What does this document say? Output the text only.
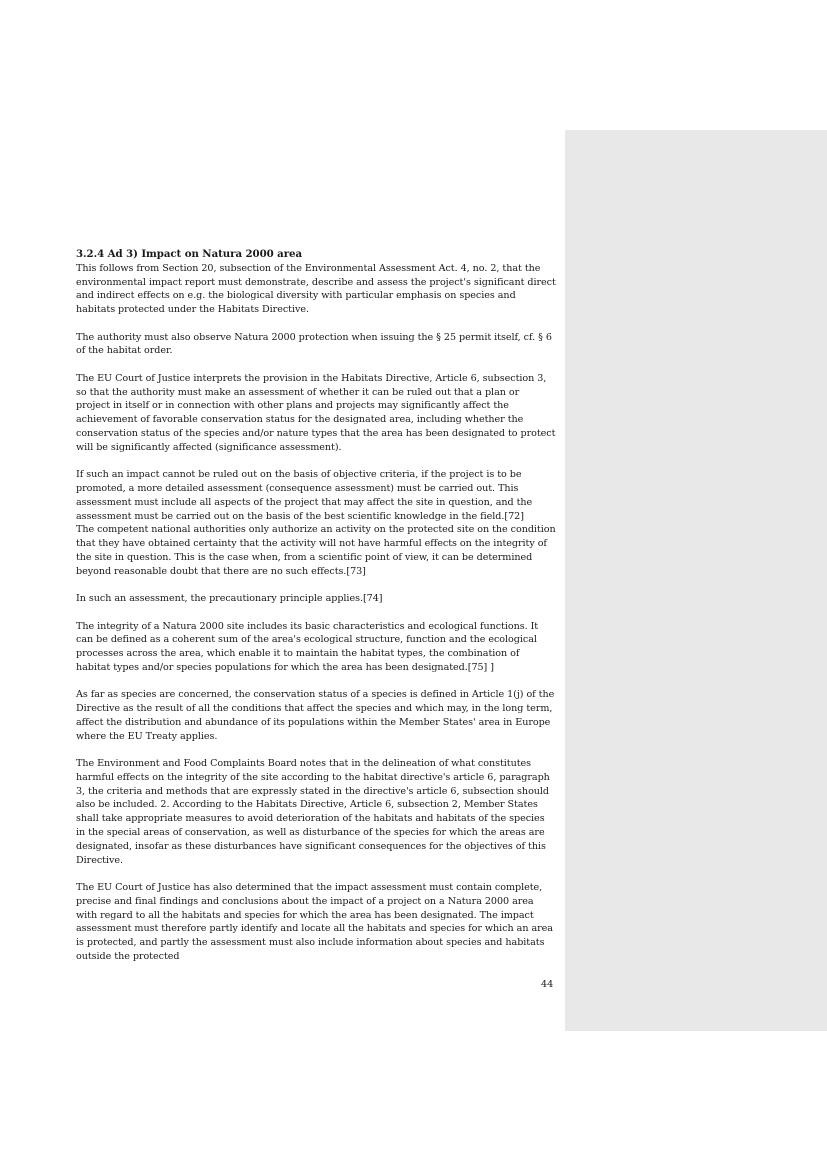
3.2.4 Ad 3) Impact on Natura 2000 area

This follows from Section 20, subsection of the Environmental Assessment Act. 4, no. 2, that the environmental impact report must demonstrate, describe and assess the project's significant direct and indirect effects on e.g. the biological diversity with particular emphasis on species and habitats protected under the Habitats Directive.

The authority must also observe Natura 2000 protection when issuing the § 25 permit itself, cf. § 6 of the habitat order.

The EU Court of Justice interprets the provision in the Habitats Directive, Article 6, subsection 3, so that the authority must make an assessment of whether it can be ruled out that a plan or project in itself or in connection with other plans and projects may significantly affect the achievement of favorable conservation status for the designated area, including whether the conservation status of the species and/or nature types that the area has been designated to protect will be significantly affected (significance assessment).

If such an impact cannot be ruled out on the basis of objective criteria, if the project is to be promoted, a more detailed assessment (consequence assessment) must be carried out. This assessment must include all aspects of the project that may affect the site in question, and the assessment must be carried out on the basis of the best scientific knowledge in the field.[72]

The competent national authorities only authorize an activity on the protected site on the condition that they have obtained certainty that the activity will not have harmful effects on the integrity of the site in question. This is the case when, from a scientific point of view, it can be determined beyond reasonable doubt that there are no such effects.[73]

In such an assessment, the precautionary principle applies.[74]

The integrity of a Natura 2000 site includes its basic characteristics and ecological functions. It can be defined as a coherent sum of the area's ecological structure, function and the ecological processes across the area, which enable it to maintain the habitat types, the combination of habitat types and/or species populations for which the area has been designated.[75] ]

As far as species are concerned, the conservation status of a species is defined in Article 1(j) of the Directive as the result of all the conditions that affect the species and which may, in the long term, affect the distribution and abundance of its populations within the Member States' area in Europe where the EU Treaty applies.

The Environment and Food Complaints Board notes that in the delineation of what constitutes harmful effects on the integrity of the site according to the habitat directive's article 6, paragraph 3, the criteria and methods that are expressly stated in the directive's article 6, subsection should also be included. 2. According to the Habitats Directive, Article 6, subsection 2, Member States shall take appropriate measures to avoid deterioration of the habitats and habitats of the species in the special areas of conservation, as well as disturbance of the species for which the areas are designated, insofar as these disturbances have significant consequences for the objectives of this Directive.

The EU Court of Justice has also determined that the impact assessment must contain complete, precise and final findings and conclusions about the impact of a project on a Natura 2000 area with regard to all the habitats and species for which the area has been designated. The impact assessment must therefore partly identify and locate all the habitats and species for which an area is protected, and partly the assessment must also include information about species and habitats outside the protected

44
